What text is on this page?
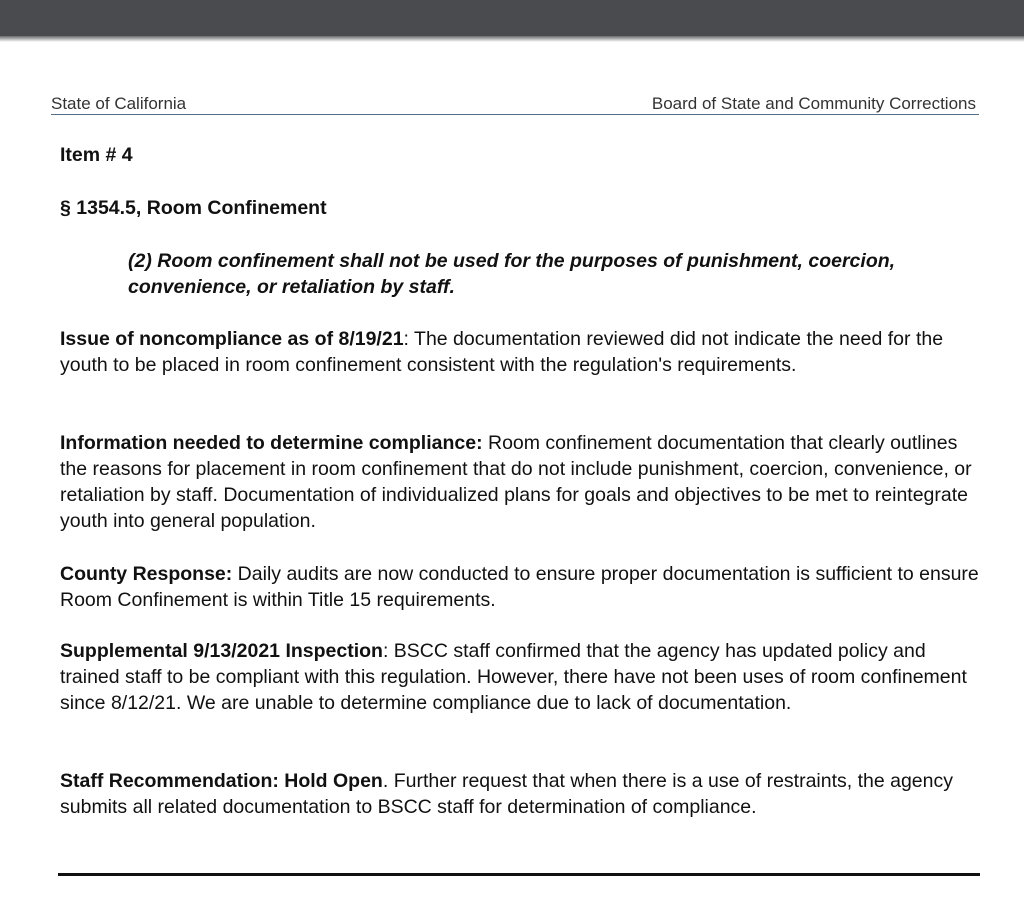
State of California	Board of State and Community Corrections
Item # 4
§ 1354.5, Room Confinement
(2) Room confinement shall not be used for the purposes of punishment, coercion, convenience, or retaliation by staff.
Issue of noncompliance as of 8/19/21: The documentation reviewed did not indicate the need for the youth to be placed in room confinement consistent with the regulation's requirements.
Information needed to determine compliance: Room confinement documentation that clearly outlines the reasons for placement in room confinement that do not include punishment, coercion, convenience, or retaliation by staff. Documentation of individualized plans for goals and objectives to be met to reintegrate youth into general population.
County Response: Daily audits are now conducted to ensure proper documentation is sufficient to ensure Room Confinement is within Title 15 requirements.
Supplemental 9/13/2021 Inspection: BSCC staff confirmed that the agency has updated policy and trained staff to be compliant with this regulation. However, there have not been uses of room confinement since 8/12/21. We are unable to determine compliance due to lack of documentation.
Staff Recommendation: Hold Open. Further request that when there is a use of restraints, the agency submits all related documentation to BSCC staff for determination of compliance.
